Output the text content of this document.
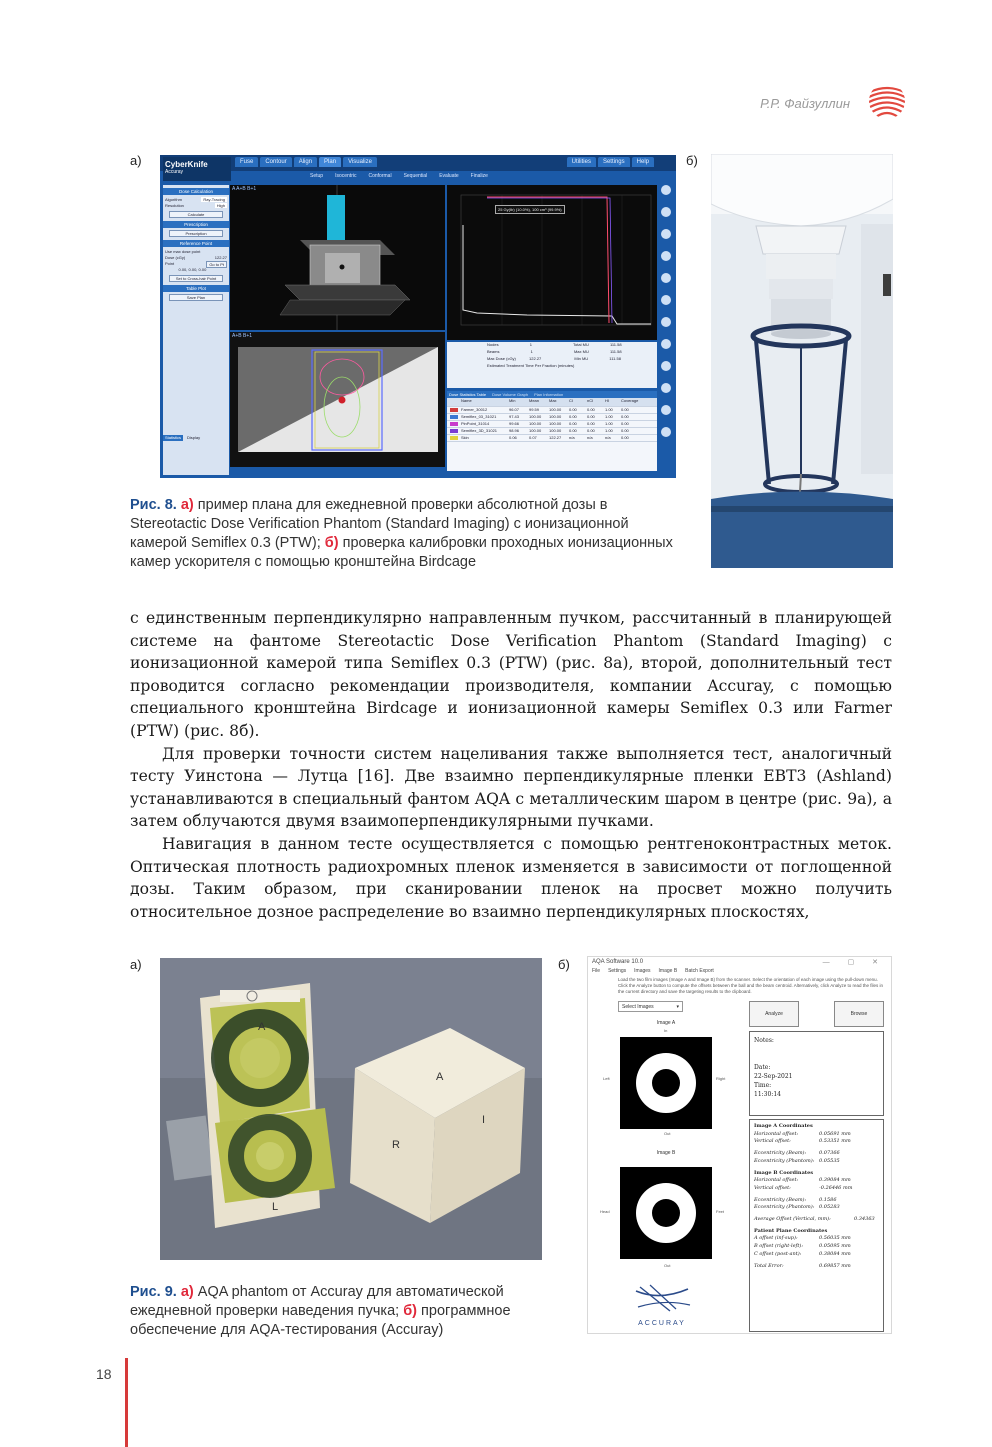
Р.Р. Файзуллин
а)	б)
CyberKnife
Accuray
Fuse	Contour	Align	Plan	Visualize	Utilities	Settings	Help
Setup Isocentric Conformal Sequential Evaluate Finalize
Dose Calculation
Algorithm	Ray-Tracing
Resolution	High
Calculate
Prescription
Prescription
Reference Point
Use max dose point
Dose (cGy)	122.27
Point	Go to Pt
0.00, 0.00, 0.00
Set to Cross-hair Point
Table Plot
Save Plan
Statistics	Display
A A+B B+1
A+B B+1
25 Gy(Ib) (10.0%), 100 cm³ (99.9%)
Nodes	1	Total MU	111.58
Beams	1	Max MU	111.58
Max Dose (cGy)	122.27	Min MU	111.58
Estimated Treatment Time Per Fraction (minutes)
Dose Statistics Table	Dose Volume Graph	Plan Information
Name	Min	Mean Max	CI	nCI	HI	Coverage
Farmer_30012	96.07 99.59 100.00 0.00	0.00	1.00 0.00
Semiflex_03_31021	97.43 100.00 100.00 0.00	0.00	1.00 0.00
PinPoint_31014	99.66 100.00 100.00 0.00	0.00	1.00 0.00
Semiflex_3D_31021	98.96 100.00 100.00 0.00	0.00	1.00 0.00
Skin	0.06	0.07	122.27 n/a	n/a	n/a	0.00
Рис. 8. а) пример плана для ежедневной проверки абсолютной дозы в Stereotactic Dose Verification Phantom (Standard Imaging) с ионизационной камерой Semiflex 0.3 (PTW); б) проверка калибровки проходных ионизационных камер ускорителя с помощью кронштейна Birdcage

с единственным перпендикулярно направленным пучком, рассчитанный в планирующей системе на фантоме Stereotactic Dose Verification Phantom (Standard Imaging) с ионизационной камерой типа Semiflex 0.3 (PTW) (рис. 8а), второй, дополнительный тест проводится согласно рекомендации производителя, компании Accuray, с помощью специального кронштейна Birdcage и ионизационной камеры Semiflex 0.3 или Farmer (PTW) (рис. 8б).

Для проверки точности систем нацеливания также выполняется тест, аналогичный тесту Уинстона — Лутца [16]. Две взаимно перпендикулярные пленки EBT3 (Ashland) устанавливаются в специальный фантом AQA с металлическим шаром в центре (рис. 9а), а затем облучаются двумя взаимоперпендикулярными пучками.

Навигация в данном тесте осуществляется с помощью рентгеноконтрастных меток. Оптическая плотность радиохромных пленок изменяется в зависимости от поглощенной дозы. Таким образом, при сканировании пленок на просвет можно получить относительное дозное распределение во взаимно перпендикулярных плоскостях,

а)	б)
A
A
R
I
L
AQA Software 10.0	— ▢ ✕
File Settings Images Image B Batch Export
Load the two film images (Image A and Image B) from the scanner. Select the orientation of each image using the pull-down menu. Click the Analyze button to compute the offsets between the ball and the beam centroid. Alternatively, click Analyze to read the files in the current directory and save the targeting results to the clipboard.
Select Images	▾
Analyze	Browse
Image A
In
Left	Right
Out
Image B
Head	Feet
Out
Notes:
Date:
22-Sep-2021
Time:
11:30:14
Image A Coordinates
Horizontal offset:	0.05691 mm
Vertical offset:	0.53351 mm
Eccentricity (Beam):	0.07366
Eccentricity (Phantom): 0.05535
Image B Coordinates
Horizontal offset:	0.39084 mm
Vertical offset:	-0.26446 mm
Eccentricity (Beam):	0.1586
Eccentricity (Phantom): 0.05283
Average Offset (Vertical, mm):	0.34363
Patient Plane Coordinates
A offset (inf-sup):	0.56035 mm
B offset (right-left):	0.05095 mm
C offset (post-ant):	0.38084 mm
Total Error:	0.69857 mm
ACCURAY
Рис. 9. а) AQA phantom от Accuray для автоматической ежедневной проверки наведения пучка; б) программное обеспечение для AQA-тестирования (Accuray)
18
